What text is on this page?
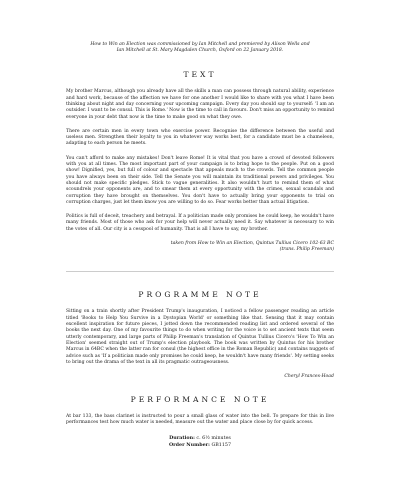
How to Win an Election was commissioned by Ian Mitchell and premiered by Alison Wells and
Ian Mitchell at St. Mary Magdalen Church, Oxford on 22 January 2018.

TEXT

My brother Marcus, although you already have all the skills a man can possess through natural ability, experience and hard work, because of the affection we have for one another I would like to share with you what I have been thinking about night and day concerning your upcoming campaign. Every day you should say to yourself: 'I am an outsider. I want to be consul. This is Rome.' Now is the time to call in favours. Don't miss an opportunity to remind everyone in your debt that now is the time to make good on what they owe.

There are certain men in every town who exercise power. Recognise the difference between the useful and useless men. Strengthen their loyalty to you in whatever way works best, for a candidate must be a chameleon, adapting to each person he meets.

You can't afford to make any mistakes! Don't leave Rome! It is vital that you have a crowd of devoted followers with you at all times. The most important part of your campaign is to bring hope to the people. Put on a good show! Dignified, yes, but full of colour and spectacle that appeals much to the crowds. Tell the common people you have always been on their side. Tell the Senate you will maintain its traditional powers and privileges. You should not make specific pledges. Stick to vague generalities. It also wouldn't hurt to remind them of what scoundrels your opponents are, and to smear them at every opportunity with the crimes, sexual scandals and corruption they have brought on themselves. You don't have to actually bring your opponents to trial on corruption charges, just let them know you are willing to do so. Fear works better than actual litigation.

Politics is full of deceit, treachery and betrayal. If a politician made only promises he could keep, he wouldn't have many friends. Most of those who ask for your help will never actually need it. Say whatever is necessary to win the votes of all. Our city is a cesspool of humanity. That is all I have to say, my brother.

taken from How to Win an Election, Quintus Tullius Cicero 102-63 BC
(trans. Philip Freeman)

PROGRAMME NOTE

Sitting on a train shortly after President Trump's inauguration, I noticed a fellow passenger reading an article titled 'Books to Help You Survive in a Dystopian World' or something like that. Sensing that it may contain excellent inspiration for future pieces, I jotted down the recommended reading list and ordered several of the books the next day. One of my favourite things to do when writing for the voice is to set ancient texts that seem utterly contemporary, and large parts of Philip Freeman's translation of Quintus Tullius Cicero's 'How To Win an Election' seemed straight out of Trump's election playbook. The book was written by Quintus for his brother Marcus in 64BC when the latter ran for consul (the highest office in the Roman Republic) and contains nuggets of advice such as 'If a politician made only promises he could keep, he wouldn't have many friends'. My setting seeks to bring out the drama of the text in all its pragmatic outrageousness.

Cheryl Frances-Hoad

PERFORMANCE NOTE

At bar 133, the bass clarinet is instructed to pour a small glass of water into the bell. To prepare for this in live performances test how much water is needed, measure out the water and place close by for quick access.

Duration: c. 6½ minutes

Order Number: GB1157
